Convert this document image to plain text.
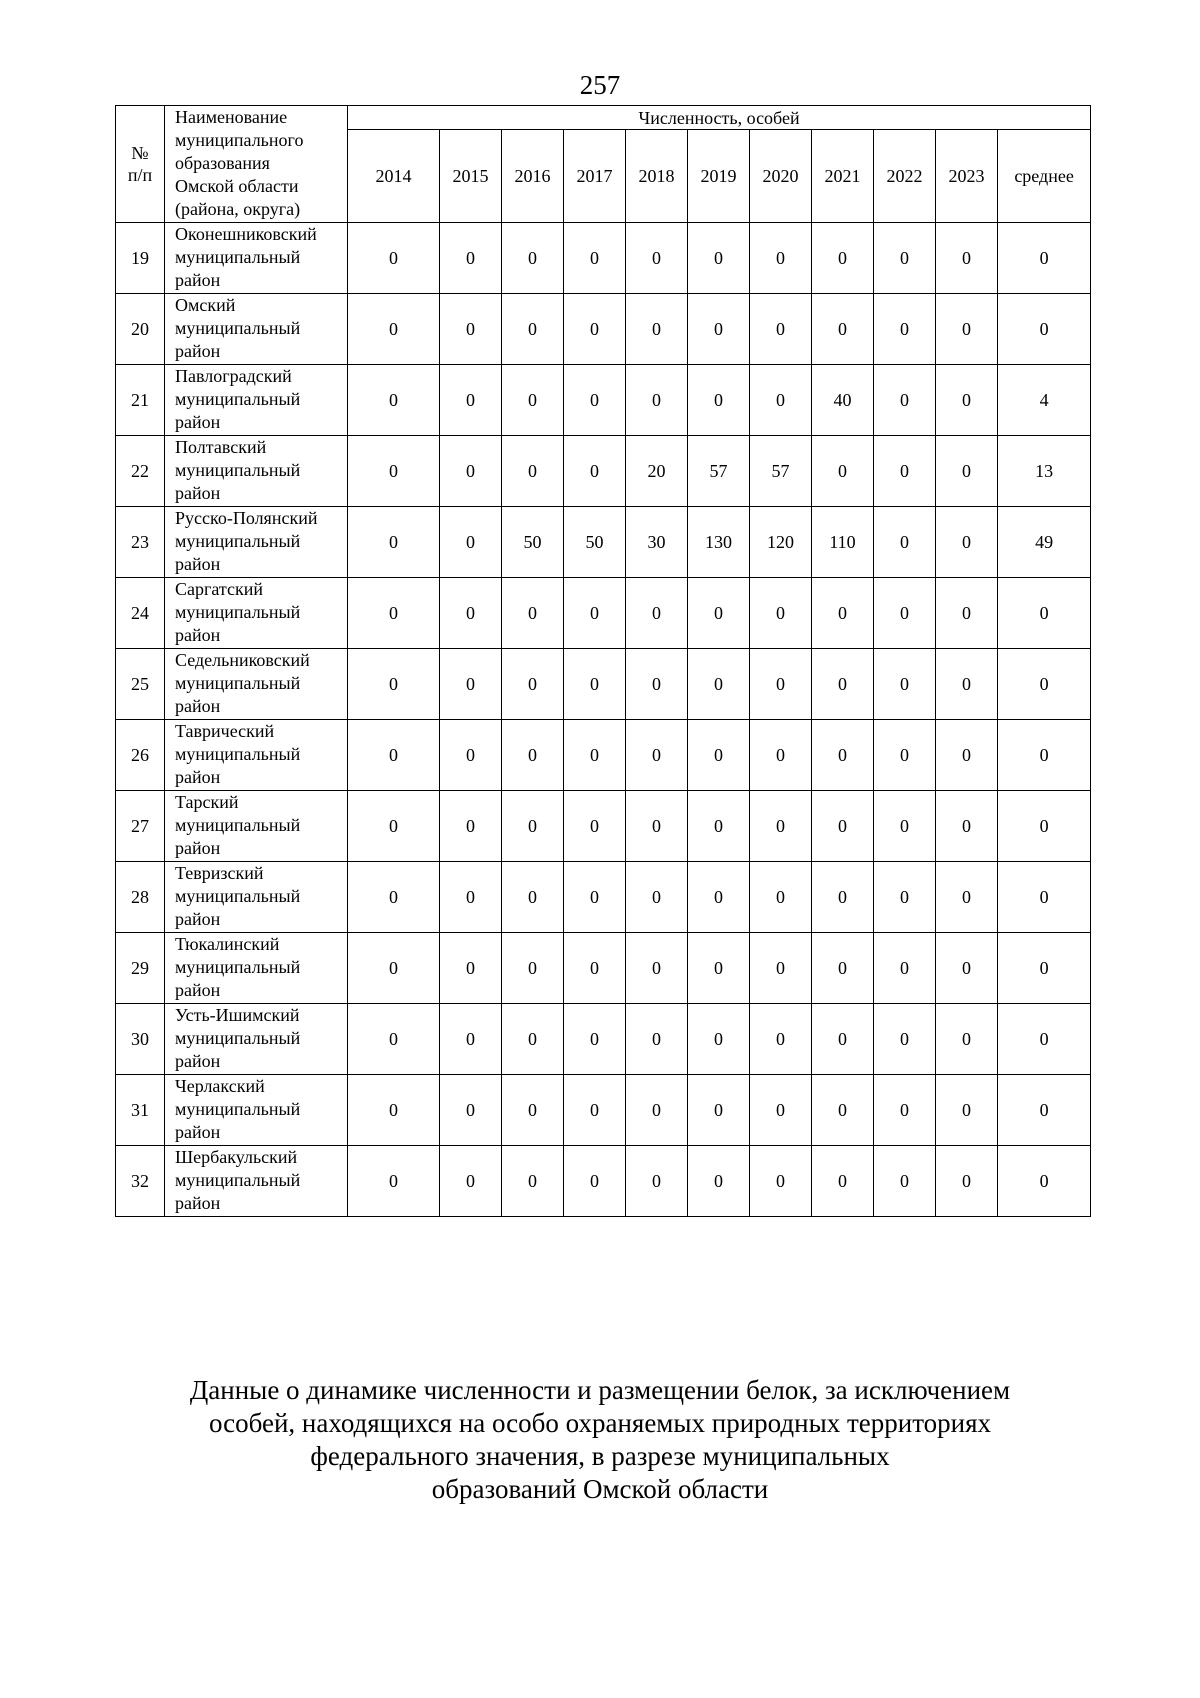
257
№
п/п	Наименование
муниципального
образования
Омской области
(района, округа)	Численность, особей										
		2014	2015	2016	2017	2018	2019	2020	2021	2022	2023	среднее
19	Оконешниковский
муниципальный
район	0	0	0	0	0	0	0	0	0	0	0
20	Омский
муниципальный
район	0	0	0	0	0	0	0	0	0	0	0
21	Павлоградский
муниципальный
район	0	0	0	0	0	0	0	40	0	0	4
22	Полтавский
муниципальный
район	0	0	0	0	20	57	57	0	0	0	13
23	Русско-Полянский
муниципальный
район	0	0	50	50	30	130	120	110	0	0	49
24	Саргатский
муниципальный
район	0	0	0	0	0	0	0	0	0	0	0
25	Седельниковский
муниципальный
район	0	0	0	0	0	0	0	0	0	0	0
26	Таврический
муниципальный
район	0	0	0	0	0	0	0	0	0	0	0
27	Тарский
муниципальный
район	0	0	0	0	0	0	0	0	0	0	0
28	Тевризский
муниципальный
район	0	0	0	0	0	0	0	0	0	0	0
29	Тюкалинский
муниципальный
район	0	0	0	0	0	0	0	0	0	0	0
30	Усть-Ишимский
муниципальный
район	0	0	0	0	0	0	0	0	0	0	0
31	Черлакский
муниципальный
район	0	0	0	0	0	0	0	0	0	0	0
32	Шербакульский
муниципальный
район	0	0	0	0	0	0	0	0	0	0	0
Данные о динамике численности и размещении белок, за исключением
особей, находящихся на особо охраняемых природных территориях
федерального значения, в разрезе муниципальных
образований Омской области
